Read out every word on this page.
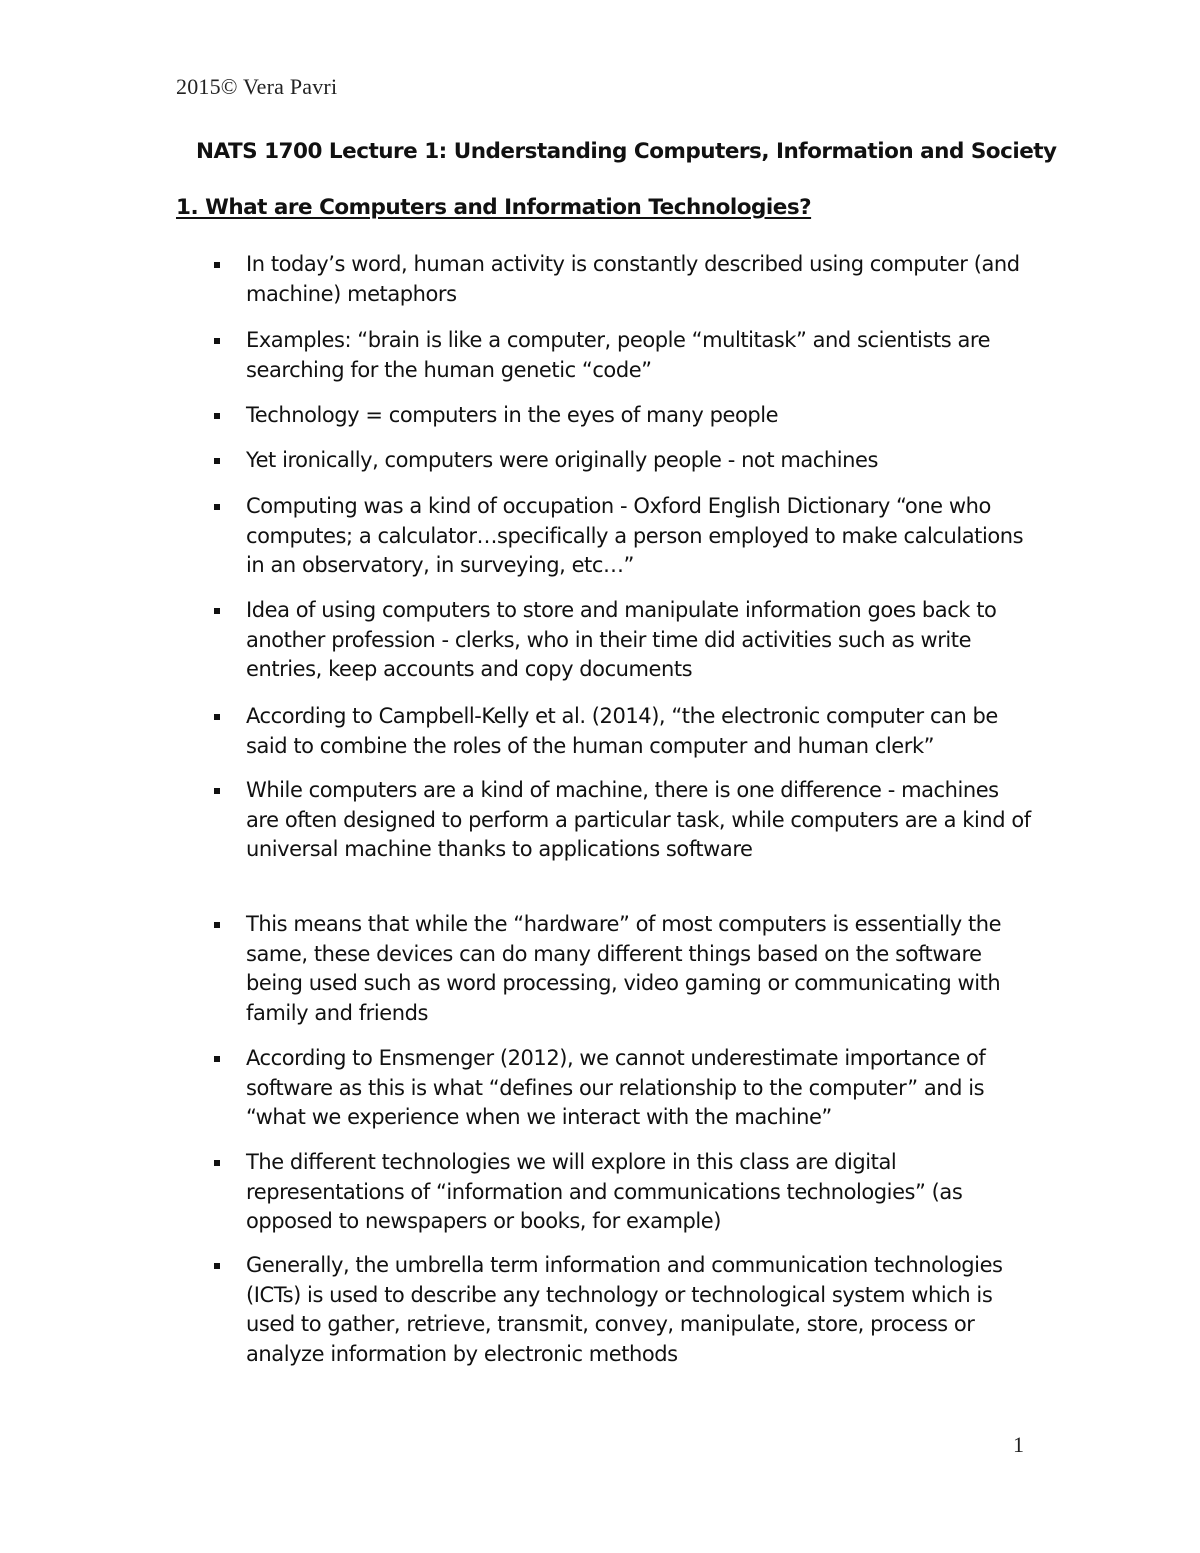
2015© Vera Pavri
NATS 1700 Lecture 1: Understanding Computers, Information and Society
1. What are Computers and Information Technologies?
In today’s word, human activity is constantly described using computer (and machine) metaphors
Examples: “brain is like a computer, people “multitask” and scientists are searching for the human genetic “code”
Technology = computers in the eyes of many people
Yet ironically, computers were originally people - not machines
Computing was a kind of occupation - Oxford English Dictionary “one who computes; a calculator…specifically a person employed to make calculations in an observatory, in surveying, etc…”
Idea of using computers to store and manipulate information goes back to another profession - clerks, who in their time did activities such as write entries, keep accounts and copy documents
According to Campbell-Kelly et al. (2014), “the electronic computer can be said to combine the roles of the human computer and human clerk”
While computers are a kind of machine, there is one difference - machines are often designed to perform a particular task, while computers are a kind of universal machine thanks to applications software
This means that while the “hardware” of most computers is essentially the same, these devices can do many different things based on the software being used such as word processing, video gaming or communicating with family and friends
According to Ensmenger (2012), we cannot underestimate importance of software as this is what “defines our relationship to the computer” and is “what we experience when we interact with the machine”
The different technologies we will explore in this class are digital representations of “information and communications technologies” (as opposed to newspapers or books, for example)
Generally, the umbrella term information and communication technologies (ICTs) is used to describe any technology or technological system which is used to gather, retrieve, transmit, convey, manipulate, store, process or analyze information by electronic methods
1
